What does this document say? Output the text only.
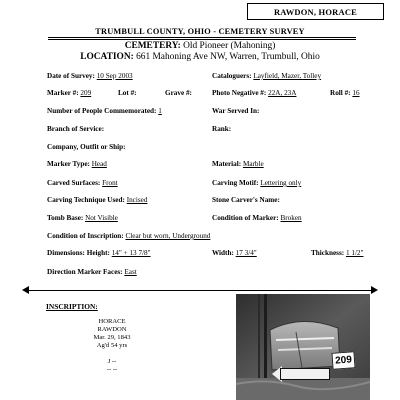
RAWDON, HORACE
TRUMBULL COUNTY, OHIO - CEMETERY SURVEY
CEMETERY: Old Pioneer (Mahoning)
LOCATION: 661 Mahoning Ave NW, Warren, Trumbull, Ohio
Date of Survey: 10 Sep 2003	Cataloguers: Layfield, Mazer, Tolley
Marker #: 209	Lot #:	Grave #:	Photo Negative #: 22A, 23A	Roll #: 16
Number of People Commemorated: 1	War Served In:
Branch of Service:	Rank:
Company, Outfit or Ship:
Marker Type: Head	Material: Marble
Carved Surfaces: Front	Carving Motif: Lettering only
Carving Technique Used: Incised	Stone Carver's Name:
Tomb Base: Not Visible	Condition of Marker: Broken
Condition of Inscription: Clear but worn, Underground
Dimensions: Height: 14" + 13 7/8"	Width: 17 3/4"	Thickness: 1 1/2"
Direction Marker Faces: East
INSCRIPTION:
HORACE
RAWDON
Mar. 29, 1843
Ag'd 54 yrs
J --
-- --
209
